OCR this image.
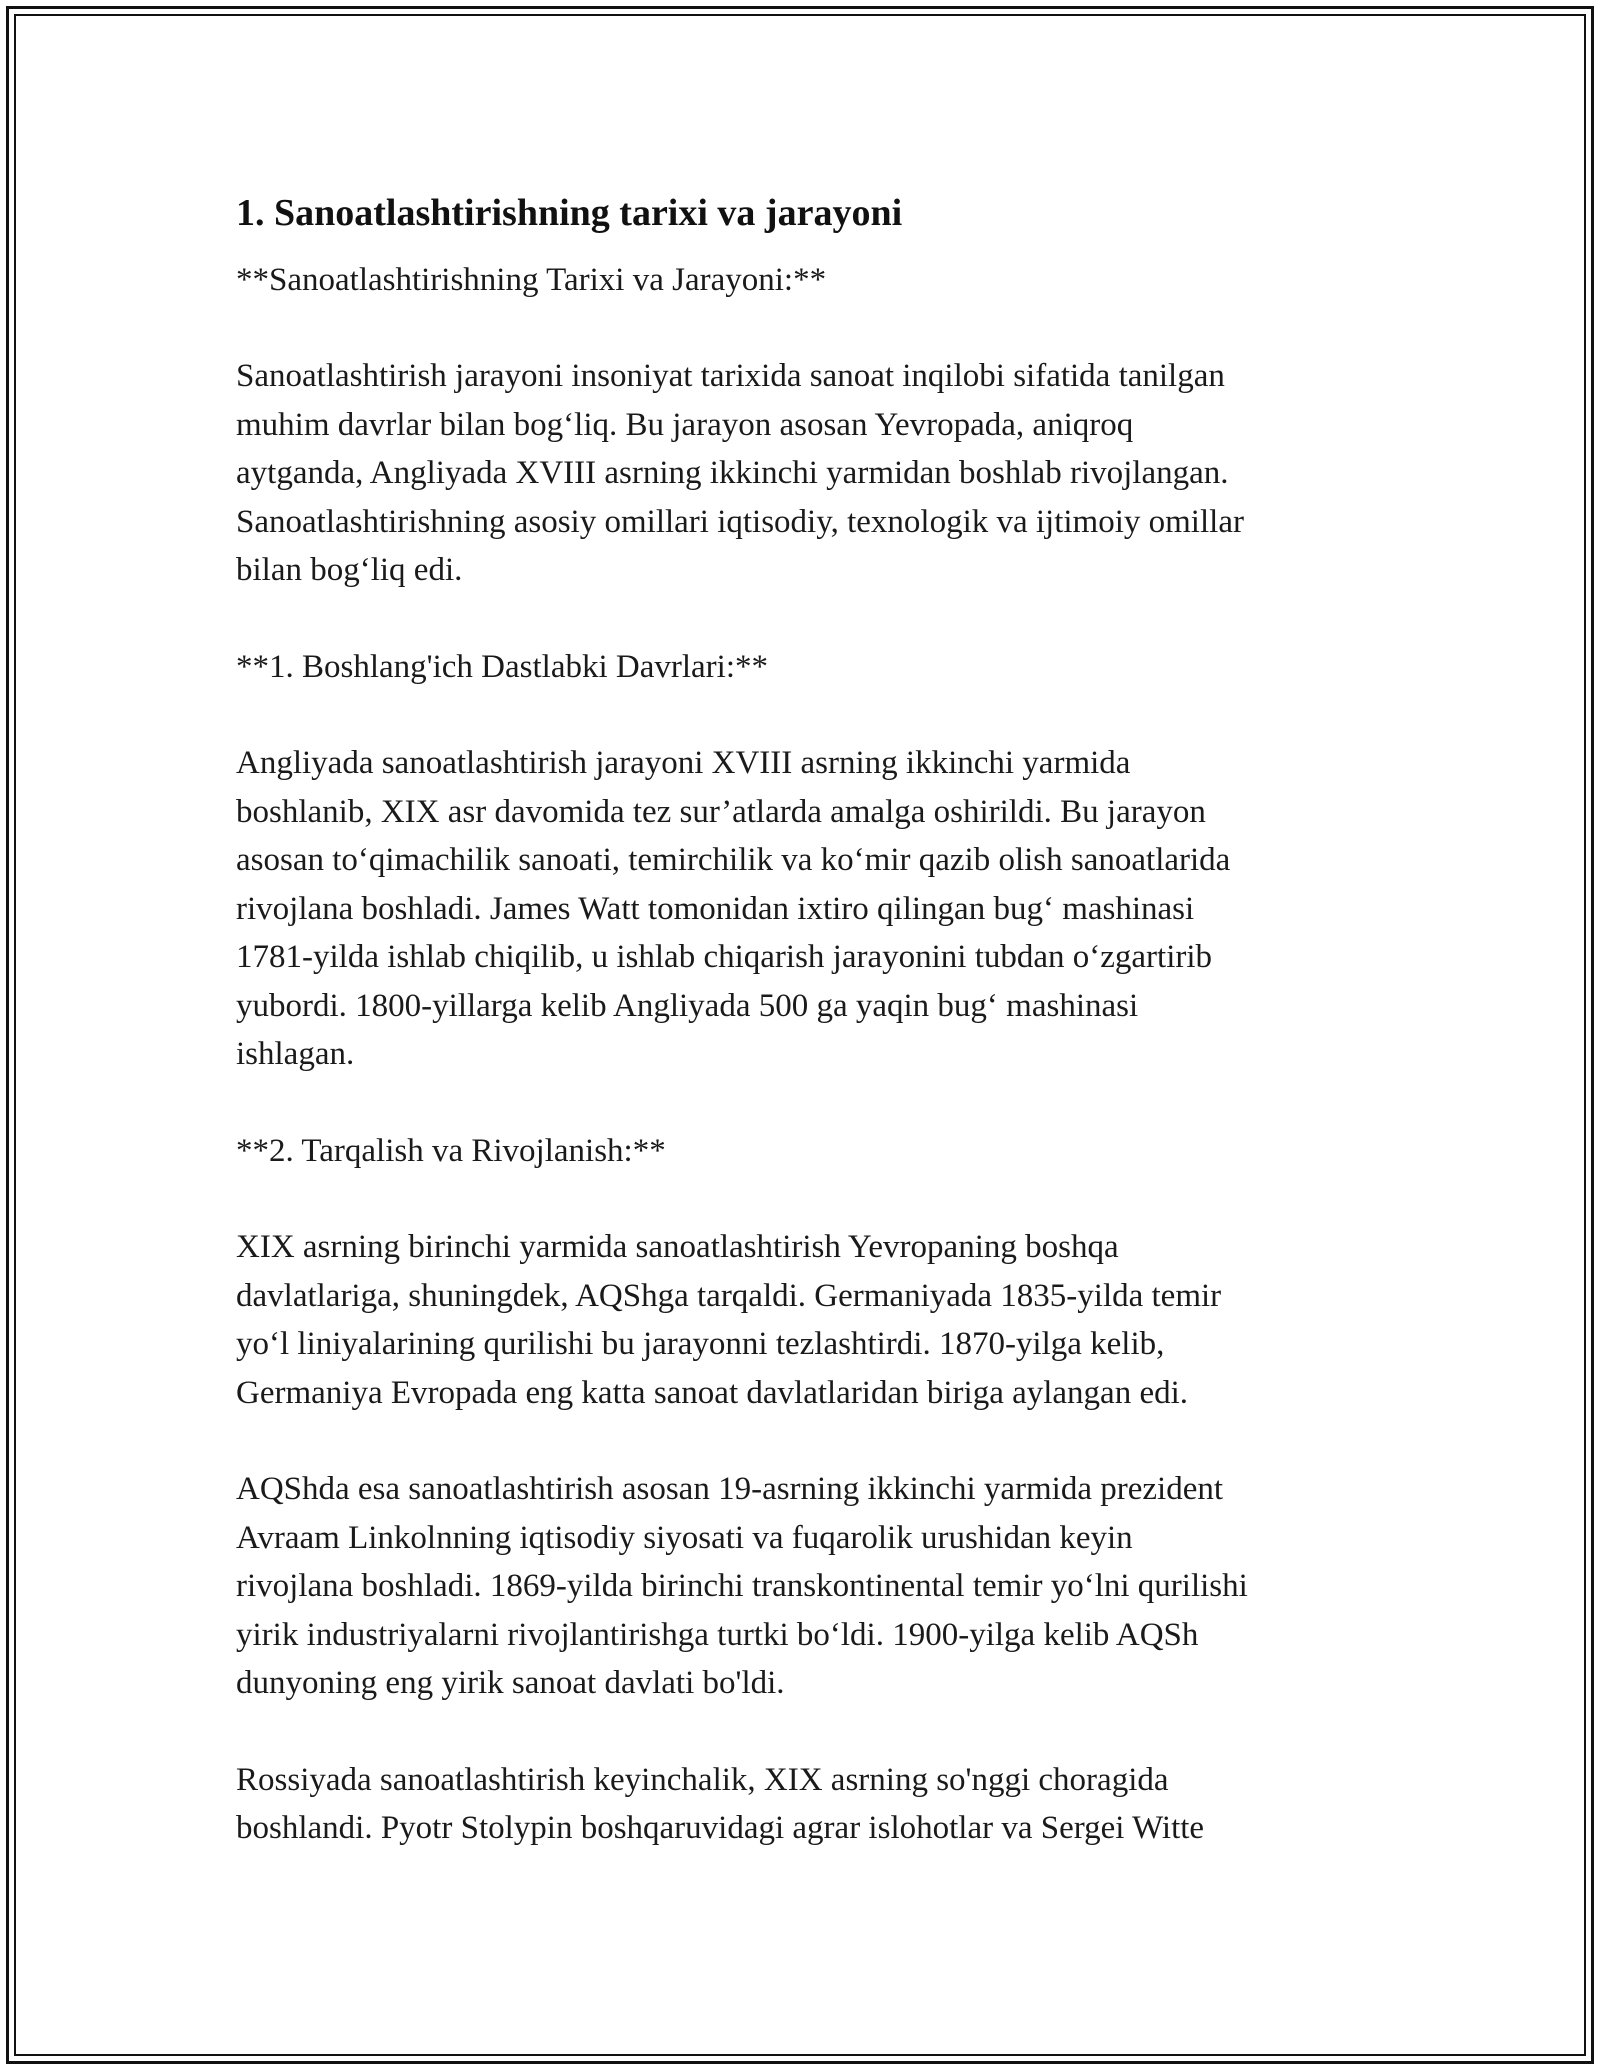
1. Sanoatlashtirishning tarixi va jarayoni

**Sanoatlashtirishning Tarixi va Jarayoni:**

Sanoatlashtirish jarayoni insoniyat tarixida sanoat inqilobi sifatida tanilgan
muhim davrlar bilan bog‘liq. Bu jarayon asosan Yevropada, aniqroq
aytganda, Angliyada XVIII asrning ikkinchi yarmidan boshlab rivojlangan.
Sanoatlashtirishning asosiy omillari iqtisodiy, texnologik va ijtimoiy omillar
bilan bog‘liq edi.

**1. Boshlang'ich Dastlabki Davrlari:**

Angliyada sanoatlashtirish jarayoni XVIII asrning ikkinchi yarmida
boshlanib, XIX asr davomida tez sur’atlarda amalga oshirildi. Bu jarayon
asosan to‘qimachilik sanoati, temirchilik va ko‘mir qazib olish sanoatlarida
rivojlana boshladi. James Watt tomonidan ixtiro qilingan bug‘ mashinasi
1781-yilda ishlab chiqilib, u ishlab chiqarish jarayonini tubdan o‘zgartirib
yubordi. 1800-yillarga kelib Angliyada 500 ga yaqin bug‘ mashinasi
ishlagan.

**2. Tarqalish va Rivojlanish:**

XIX asrning birinchi yarmida sanoatlashtirish Yevropaning boshqa
davlatlariga, shuningdek, AQShga tarqaldi. Germaniyada 1835-yilda temir
yo‘l liniyalarining qurilishi bu jarayonni tezlashtirdi. 1870-yilga kelib,
Germaniya Evropada eng katta sanoat davlatlaridan biriga aylangan edi.

AQShda esa sanoatlashtirish asosan 19-asrning ikkinchi yarmida prezident
Avraam Linkolnning iqtisodiy siyosati va fuqarolik urushidan keyin
rivojlana boshladi. 1869-yilda birinchi transkontinental temir yo‘lni qurilishi
yirik industriyalarni rivojlantirishga turtki bo‘ldi. 1900-yilga kelib AQSh
dunyoning eng yirik sanoat davlati bo'ldi.

Rossiyada sanoatlashtirish keyinchalik, XIX asrning so'nggi choragida
boshlandi. Pyotr Stolypin boshqaruvidagi agrar islohotlar va Sergei Witte
